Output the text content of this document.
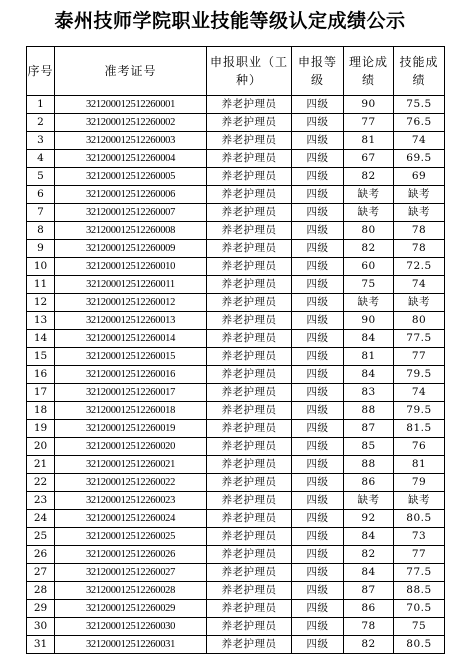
泰州技师学院职业技能等级认定成绩公示
序号	准考证号	申报职业（工种）	申报等级	理论成绩	技能成绩
1	321200012512260001	养老护理员	四级	90	75.5
2	321200012512260002	养老护理员	四级	77	76.5
3	321200012512260003	养老护理员	四级	81	74
4	321200012512260004	养老护理员	四级	67	69.5
5	321200012512260005	养老护理员	四级	82	69
6	321200012512260006	养老护理员	四级	缺考	缺考
7	321200012512260007	养老护理员	四级	缺考	缺考
8	321200012512260008	养老护理员	四级	80	78
9	321200012512260009	养老护理员	四级	82	78
10	321200012512260010	养老护理员	四级	60	72.5
11	321200012512260011	养老护理员	四级	75	74
12	321200012512260012	养老护理员	四级	缺考	缺考
13	321200012512260013	养老护理员	四级	90	80
14	321200012512260014	养老护理员	四级	84	77.5
15	321200012512260015	养老护理员	四级	81	77
16	321200012512260016	养老护理员	四级	84	79.5
17	321200012512260017	养老护理员	四级	83	74
18	321200012512260018	养老护理员	四级	88	79.5
19	321200012512260019	养老护理员	四级	87	81.5
20	321200012512260020	养老护理员	四级	85	76
21	321200012512260021	养老护理员	四级	88	81
22	321200012512260022	养老护理员	四级	86	79
23	321200012512260023	养老护理员	四级	缺考	缺考
24	321200012512260024	养老护理员	四级	92	80.5
25	321200012512260025	养老护理员	四级	84	73
26	321200012512260026	养老护理员	四级	82	77
27	321200012512260027	养老护理员	四级	84	77.5
28	321200012512260028	养老护理员	四级	87	88.5
29	321200012512260029	养老护理员	四级	86	70.5
30	321200012512260030	养老护理员	四级	78	75
31	321200012512260031	养老护理员	四级	82	80.5
